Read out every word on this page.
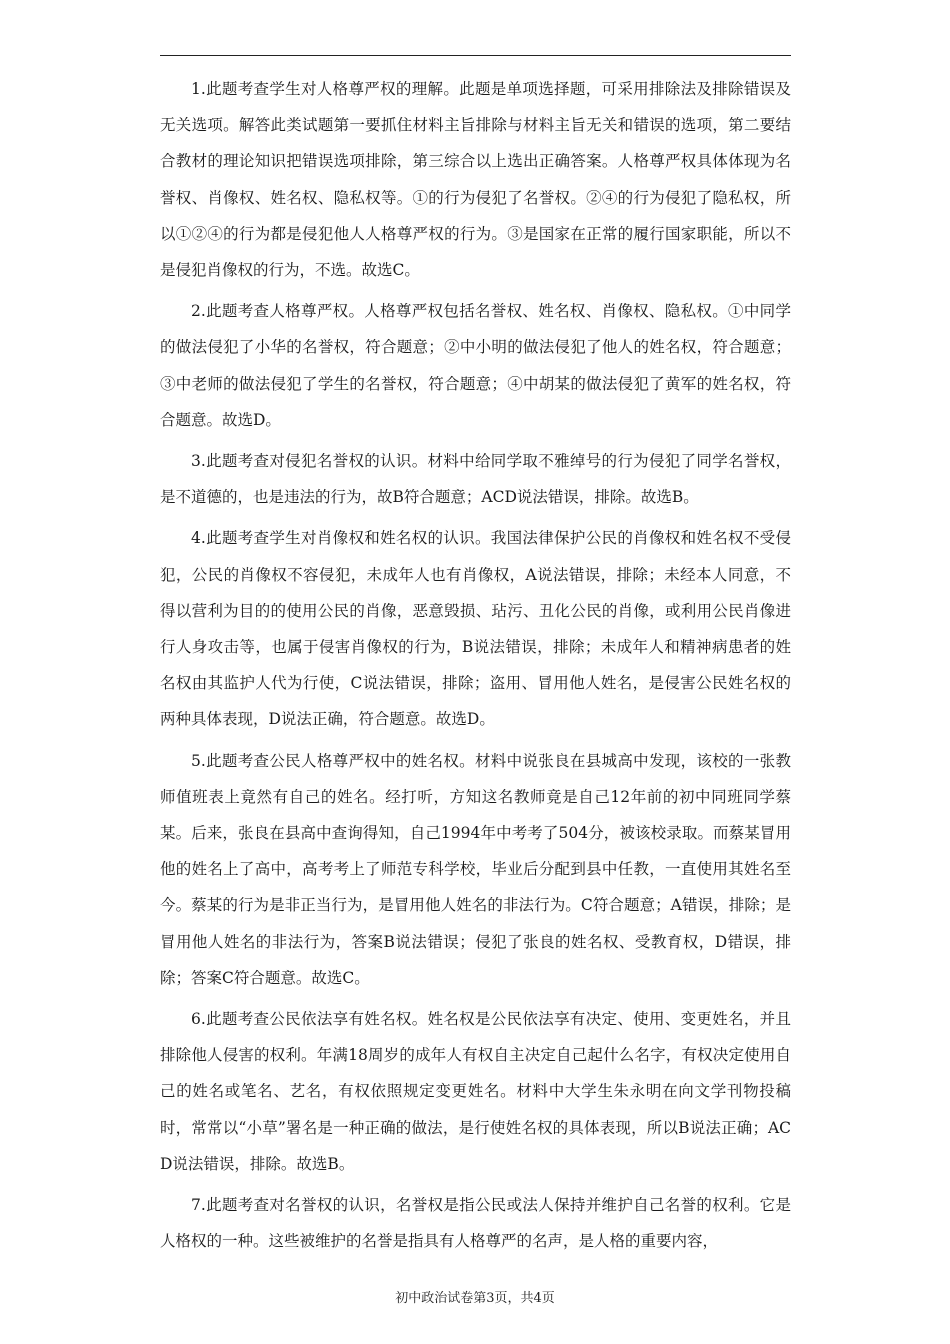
1.此题考查学生对人格尊严权的理解。此题是单项选择题，可采用排除法及排除错误及无关选项。解答此类试题第一要抓住材料主旨排除与材料主旨无关和错误的选项，第二要结合教材的理论知识把错误选项排除，第三综合以上选出正确答案。人格尊严权具体体现为名誉权、肖像权、姓名权、隐私权等。①的行为侵犯了名誉权。②④的行为侵犯了隐私权，所以①②④的行为都是侵犯他人人格尊严权的行为。③是国家在正常的履行国家职能，所以不是侵犯肖像权的行为，不选。故选C。

2.此题考查人格尊严权。人格尊严权包括名誉权、姓名权、肖像权、隐私权。①中同学的做法侵犯了小华的名誉权，符合题意；②中小明的做法侵犯了他人的姓名权，符合题意；③中老师的做法侵犯了学生的名誉权，符合题意；④中胡某的做法侵犯了黄军的姓名权，符合题意。故选D。

3.此题考查对侵犯名誉权的认识。材料中给同学取不雅绰号的行为侵犯了同学名誉权，是不道德的，也是违法的行为，故B符合题意；ACD说法错误，排除。故选B。

4.此题考查学生对肖像权和姓名权的认识。我国法律保护公民的肖像权和姓名权不受侵犯，公民的肖像权不容侵犯，未成年人也有肖像权，A说法错误，排除；未经本人同意，不得以营利为目的的使用公民的肖像，恶意毁损、玷污、丑化公民的肖像，或利用公民肖像进行人身攻击等，也属于侵害肖像权的行为，B说法错误，排除；未成年人和精神病患者的姓名权由其监护人代为行使，C说法错误，排除；盗用、冒用他人姓名，是侵害公民姓名权的两种具体表现，D说法正确，符合题意。故选D。

5.此题考查公民人格尊严权中的姓名权。材料中说张良在县城高中发现，该校的一张教师值班表上竟然有自己的姓名。经打听，方知这名教师竟是自己12年前的初中同班同学蔡某。后来，张良在县高中查询得知，自己1994年中考考了504分，被该校录取。而蔡某冒用他的姓名上了高中，高考考上了师范专科学校，毕业后分配到县中任教，一直使用其姓名至今。蔡某的行为是非正当行为，是冒用他人姓名的非法行为。C符合题意；A错误，排除；是冒用他人姓名的非法行为，答案B说法错误；侵犯了张良的姓名权、受教育权，D错误，排除；答案C符合题意。故选C。

6.此题考查公民依法享有姓名权。姓名权是公民依法享有决定、使用、变更姓名，并且排除他人侵害的权利。年满18周岁的成年人有权自主决定自己起什么名字，有权决定使用自己的姓名或笔名、艺名，有权依照规定变更姓名。材料中大学生朱永明在向文学刊物投稿时，常常以“小草”署名是一种正确的做法，是行使姓名权的具体表现，所以B说法正确；ACD说法错误，排除。故选B。

7.此题考查对名誉权的认识，名誉权是指公民或法人保持并维护自己名誉的权利。它是人格权的一种。这些被维护的名誉是指具有人格尊严的名声，是人格的重要内容，

初中政治试卷第3页，共4页
